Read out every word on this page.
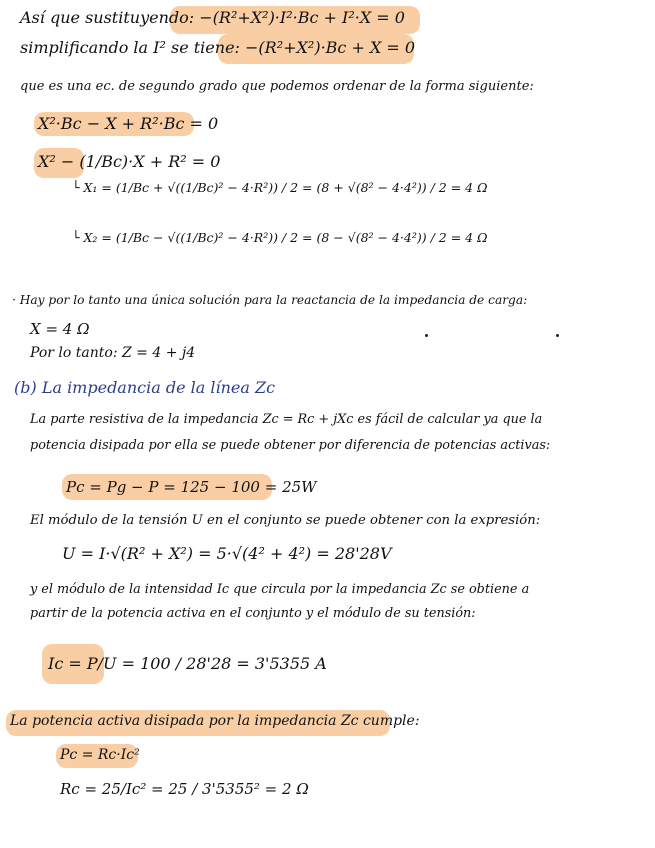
Así que sustituyendo: −(R²+X²)·I²·Bc + I²·X = 0
simplificando la I² se tiene: −(R²+X²)·Bc + X = 0
que es una ec. de segundo grado que podemos ordenar de la forma siguiente:
X²·Bc − X + R²·Bc = 0
X² − (1/Bc)·X + R² = 0
└ X₁ = (1/Bc + √((1/Bc)² − 4·R²)) / 2 = (8 + √(8² − 4·4²)) / 2 = 4 Ω
└ X₂ = (1/Bc − √((1/Bc)² − 4·R²)) / 2 = (8 − √(8² − 4·4²)) / 2 = 4 Ω
· Hay por lo tanto una única solución para la reactancia de la impedancia de carga:
X = 4 Ω
Por lo tanto: Z = 4 + j4
(b) La impedancia de la línea Zc
La parte resistiva de la impedancia Zc = Rc + jXc es fácil de calcular ya que la
potencia disipada por ella se puede obtener por diferencia de potencias activas:
Pc = Pg − P = 125 − 100 = 25W
El módulo de la tensión U en el conjunto se puede obtener con la expresión:
U = I·√(R² + X²) = 5·√(4² + 4²) = 28'28V
y el módulo de la intensidad Ic que circula por la impedancia Zc se obtiene a
partir de la potencia activa en el conjunto y el módulo de su tensión:
Ic = P/U = 100 / 28'28 = 3'5355 A
La potencia activa disipada por la impedancia Zc cumple:
Pc = Rc·Ic²
Rc = 25/Ic² = 25 / 3'5355² = 2 Ω
